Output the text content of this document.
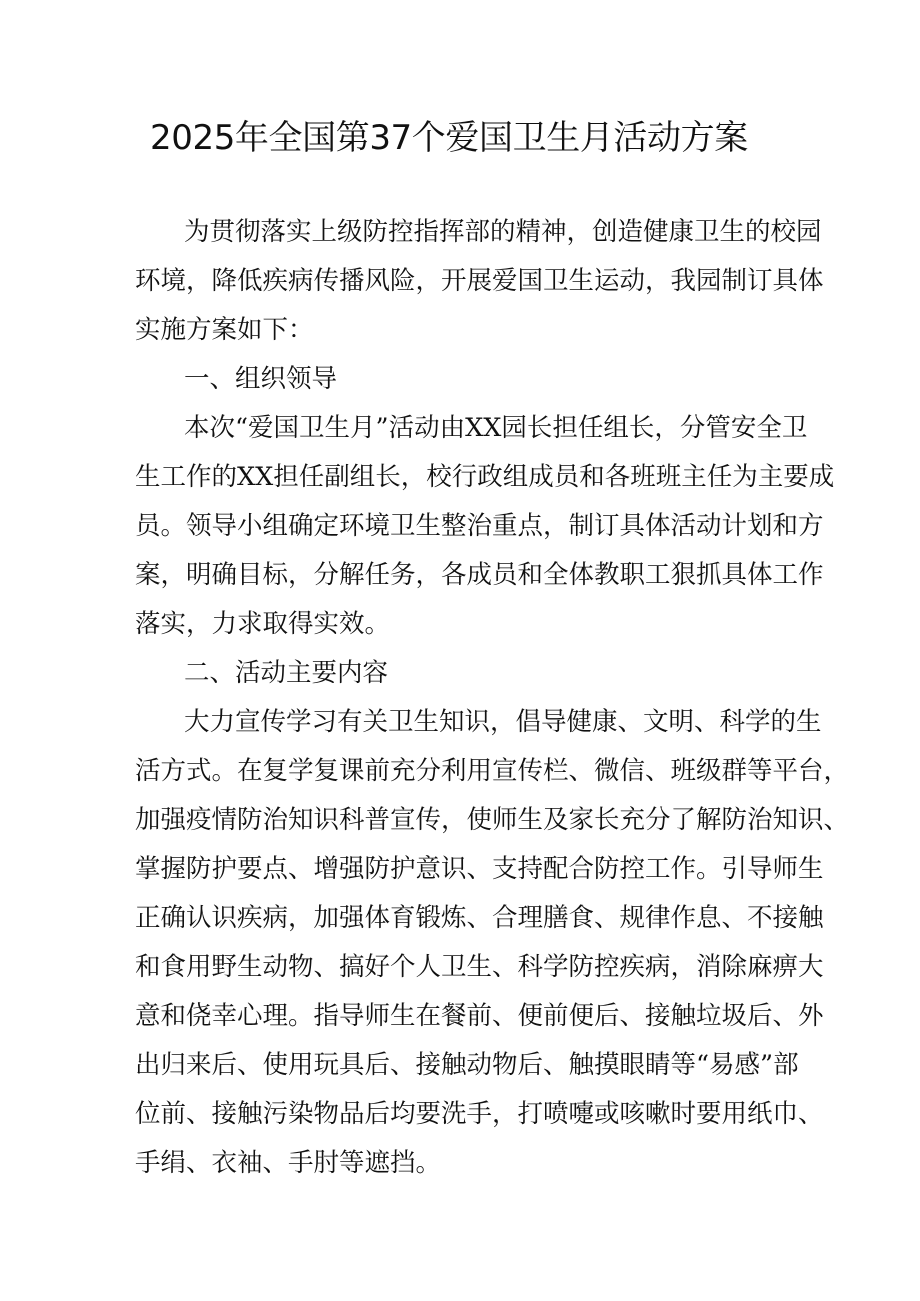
2025年全国第37个爱国卫生月活动方案
为贯彻落实上级防控指挥部的精神，创造健康卫生的校园
环境，降低疾病传播风险，开展爱国卫生运动，我园制订具体
实施方案如下：
一、组织领导
本次“爱国卫生月”活动由XX园长担任组长，分管安全卫
生工作的XX担任副组长，校行政组成员和各班班主任为主要成
员。领导小组确定环境卫生整治重点，制订具体活动计划和方
案，明确目标，分解任务，各成员和全体教职工狠抓具体工作
落实，力求取得实效。
二、活动主要内容
大力宣传学习有关卫生知识，倡导健康、文明、科学的生
活方式。在复学复课前充分利用宣传栏、微信、班级群等平台，
加强疫情防治知识科普宣传，使师生及家长充分了解防治知识、
掌握防护要点、增强防护意识、支持配合防控工作。引导师生
正确认识疾病，加强体育锻炼、合理膳食、规律作息、不接触
和食用野生动物、搞好个人卫生、科学防控疾病，消除麻痹大
意和侥幸心理。指导师生在餐前、便前便后、接触垃圾后、外
出归来后、使用玩具后、接触动物后、触摸眼睛等“易感”部
位前、接触污染物品后均要洗手，打喷嚏或咳嗽时要用纸巾、
手绢、衣袖、手肘等遮挡。
